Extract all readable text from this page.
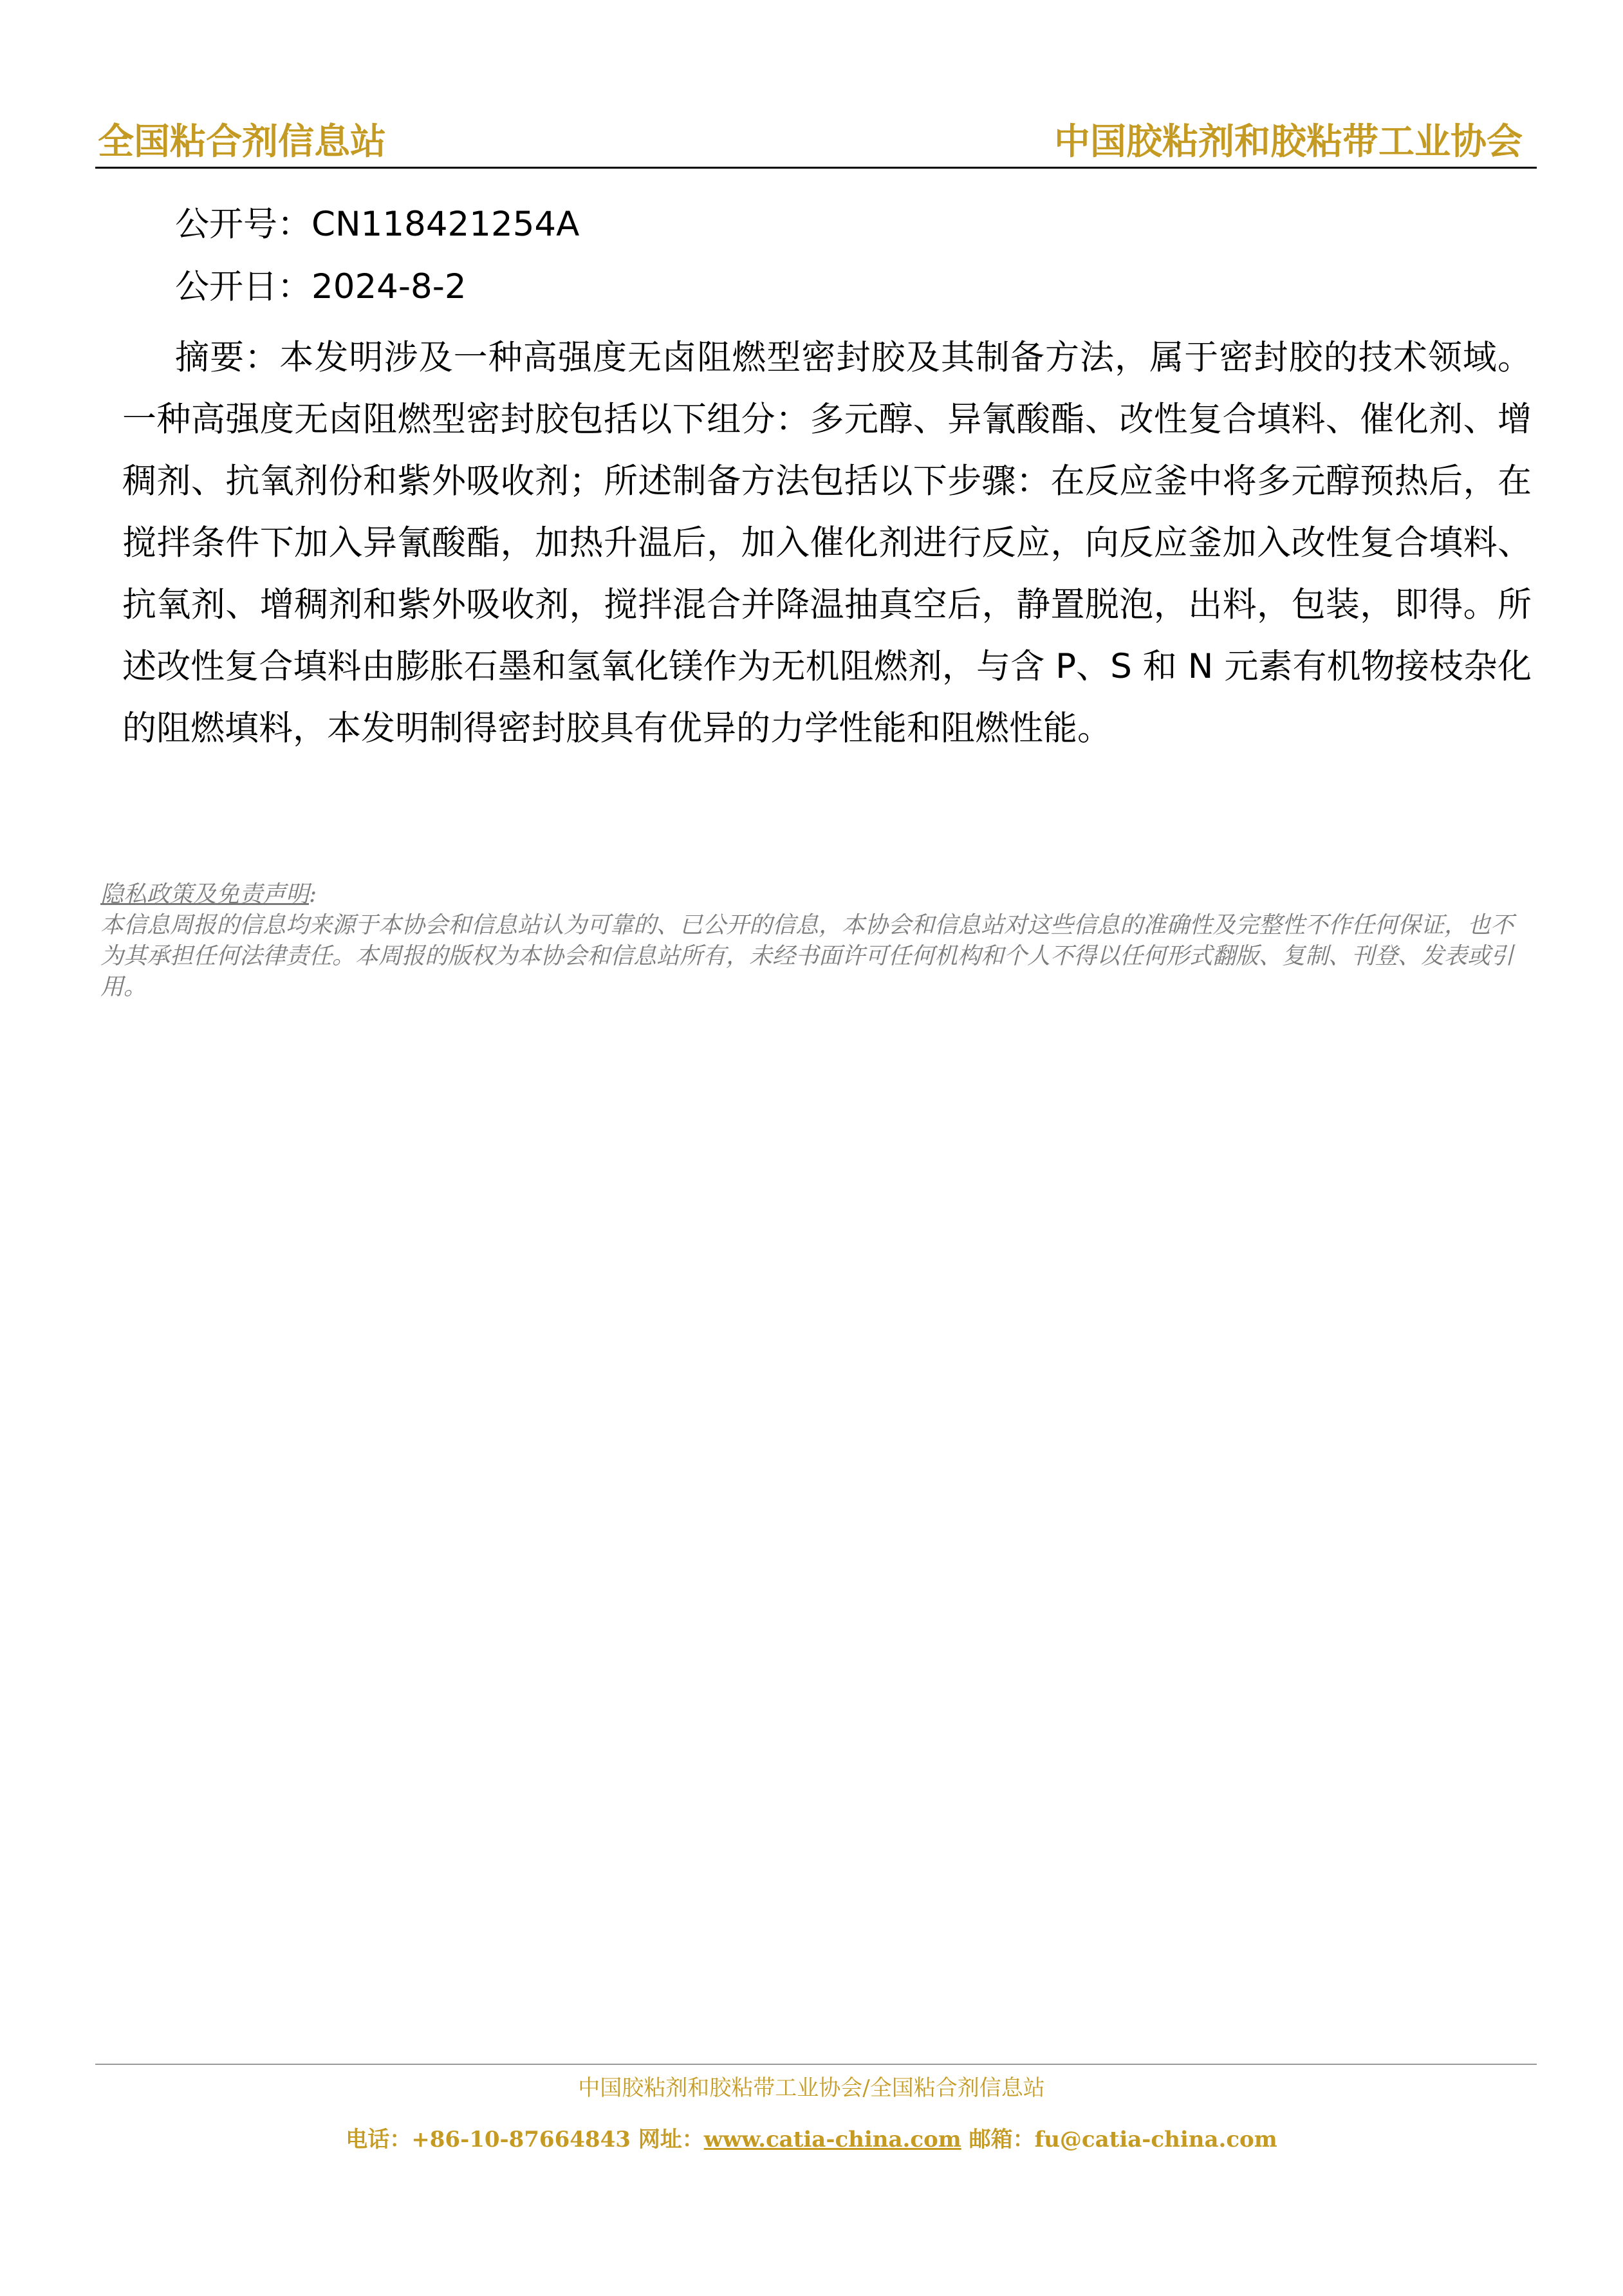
全国粘合剂信息站	中国胶粘剂和胶粘带工业协会
公开号：CN118421254A
公开日：2024-8-2
摘要：本发明涉及一种高强度无卤阻燃型密封胶及其制备方法，属于密封胶的技术领域。一种高强度无卤阻燃型密封胶包括以下组分：多元醇、异氰酸酯、改性复合填料、催化剂、增稠剂、抗氧剂份和紫外吸收剂；所述制备方法包括以下步骤：在反应釜中将多元醇预热后，在搅拌条件下加入异氰酸酯，加热升温后，加入催化剂进行反应，向反应釜加入改性复合填料、抗氧剂、增稠剂和紫外吸收剂，搅拌混合并降温抽真空后，静置脱泡，出料，包装，即得。所述改性复合填料由膨胀石墨和氢氧化镁作为无机阻燃剂，与含 P、S 和 N 元素有机物接枝杂化的阻燃填料，本发明制得密封胶具有优异的力学性能和阻燃性能。
隐私政策及免责声明:
本信息周报的信息均来源于本协会和信息站认为可靠的、已公开的信息，本协会和信息站对这些信息的准确性及完整性不作任何保证，也不为其承担任何法律责任。本周报的版权为本协会和信息站所有，未经书面许可任何机构和个人不得以任何形式翻版、复制、刊登、发表或引用。
中国胶粘剂和胶粘带工业协会/全国粘合剂信息站
电话：+86-10-87664843 网址：www.catia-china.com 邮箱：fu@catia-china.com
